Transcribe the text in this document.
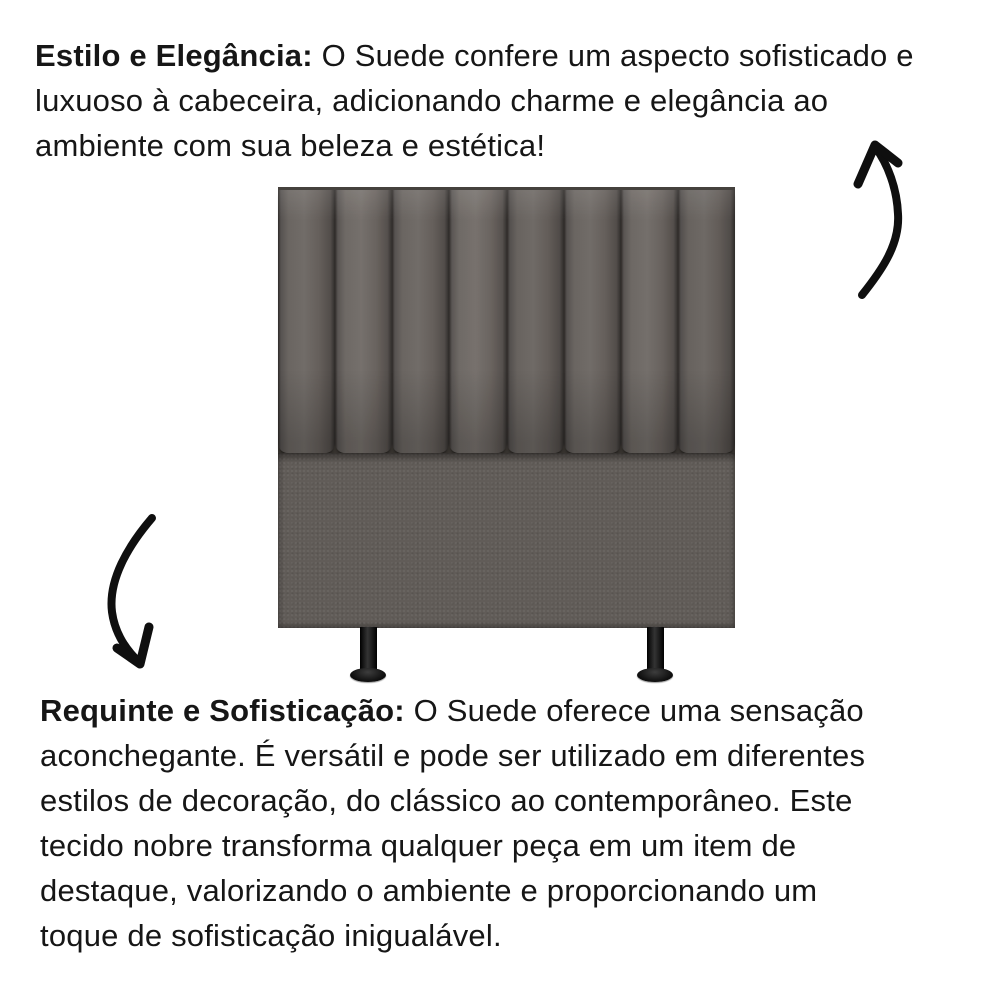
Estilo e Elegância: O Suede confere um aspecto sofisticado e
luxuoso à cabeceira, adicionando charme e elegância ao
ambiente com sua beleza e estética!
Requinte e Sofisticação: O Suede oferece uma sensação
aconchegante. É versátil e pode ser utilizado em diferentes
estilos de decoração, do clássico ao contemporâneo. Este
tecido nobre transforma qualquer peça em um item de
destaque, valorizando o ambiente e proporcionando um
toque de sofisticação inigualável.
